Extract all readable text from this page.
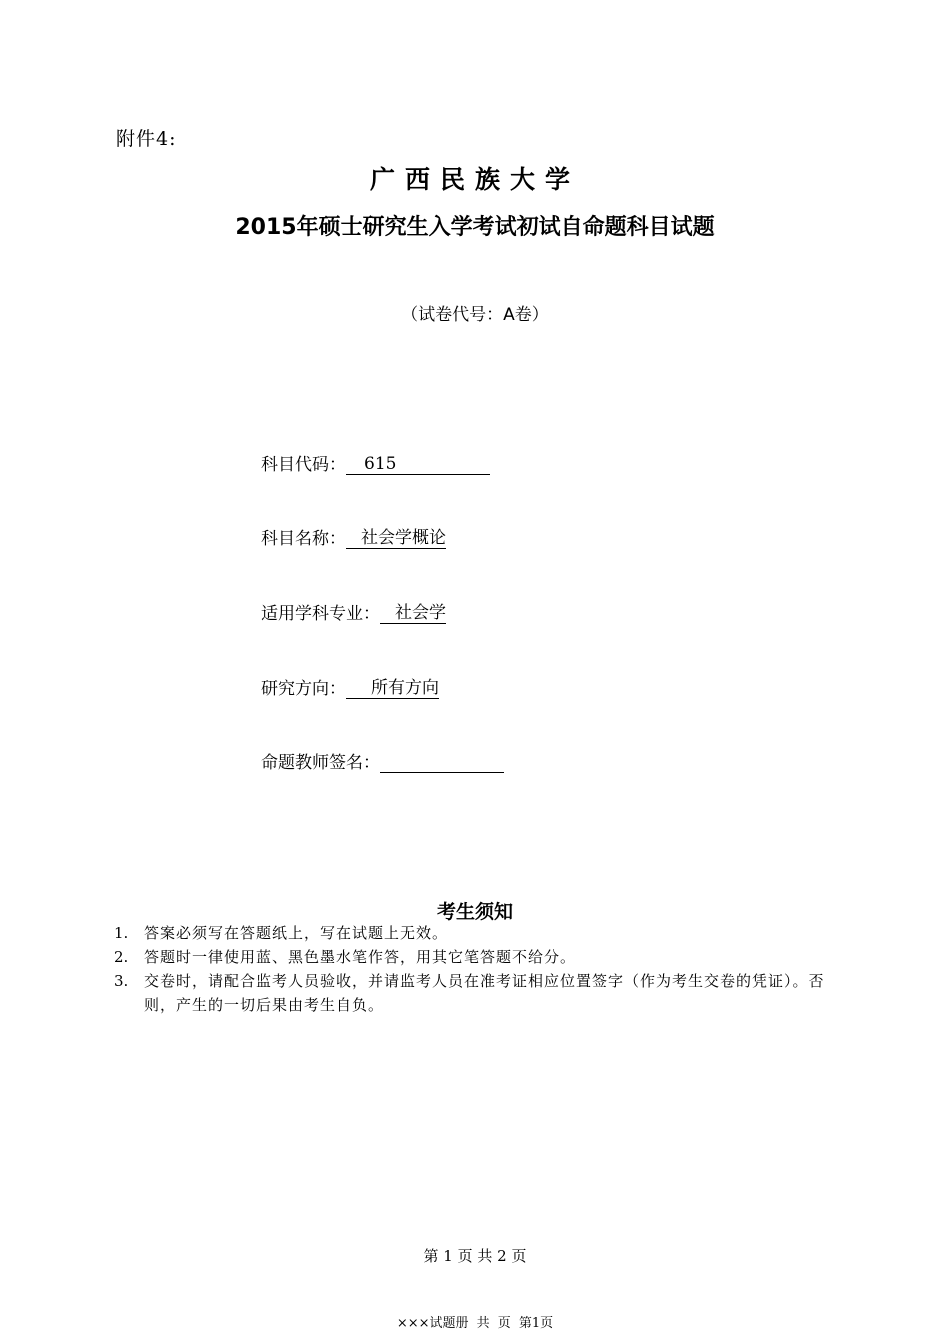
附件4:
广西民族大学
2015年硕士研究生入学考试初试自命题科目试题
（试卷代号：A卷）
科目代码：	615
科目名称： 社会学概论
适用学科专业： 社会学
研究方向：	所有方向
命题教师签名：
考生须知
1.	答案必须写在答题纸上，写在试题上无效。
2.	答题时一律使用蓝、黑色墨水笔作答，用其它笔答题不给分。
3.	交卷时，请配合监考人员验收，并请监考人员在准考证相应位置签字（作为考生交卷的凭证）。否则，产生的一切后果由考生自负。
第 1 页 共 2 页
×××试题册 共 页 第1页
